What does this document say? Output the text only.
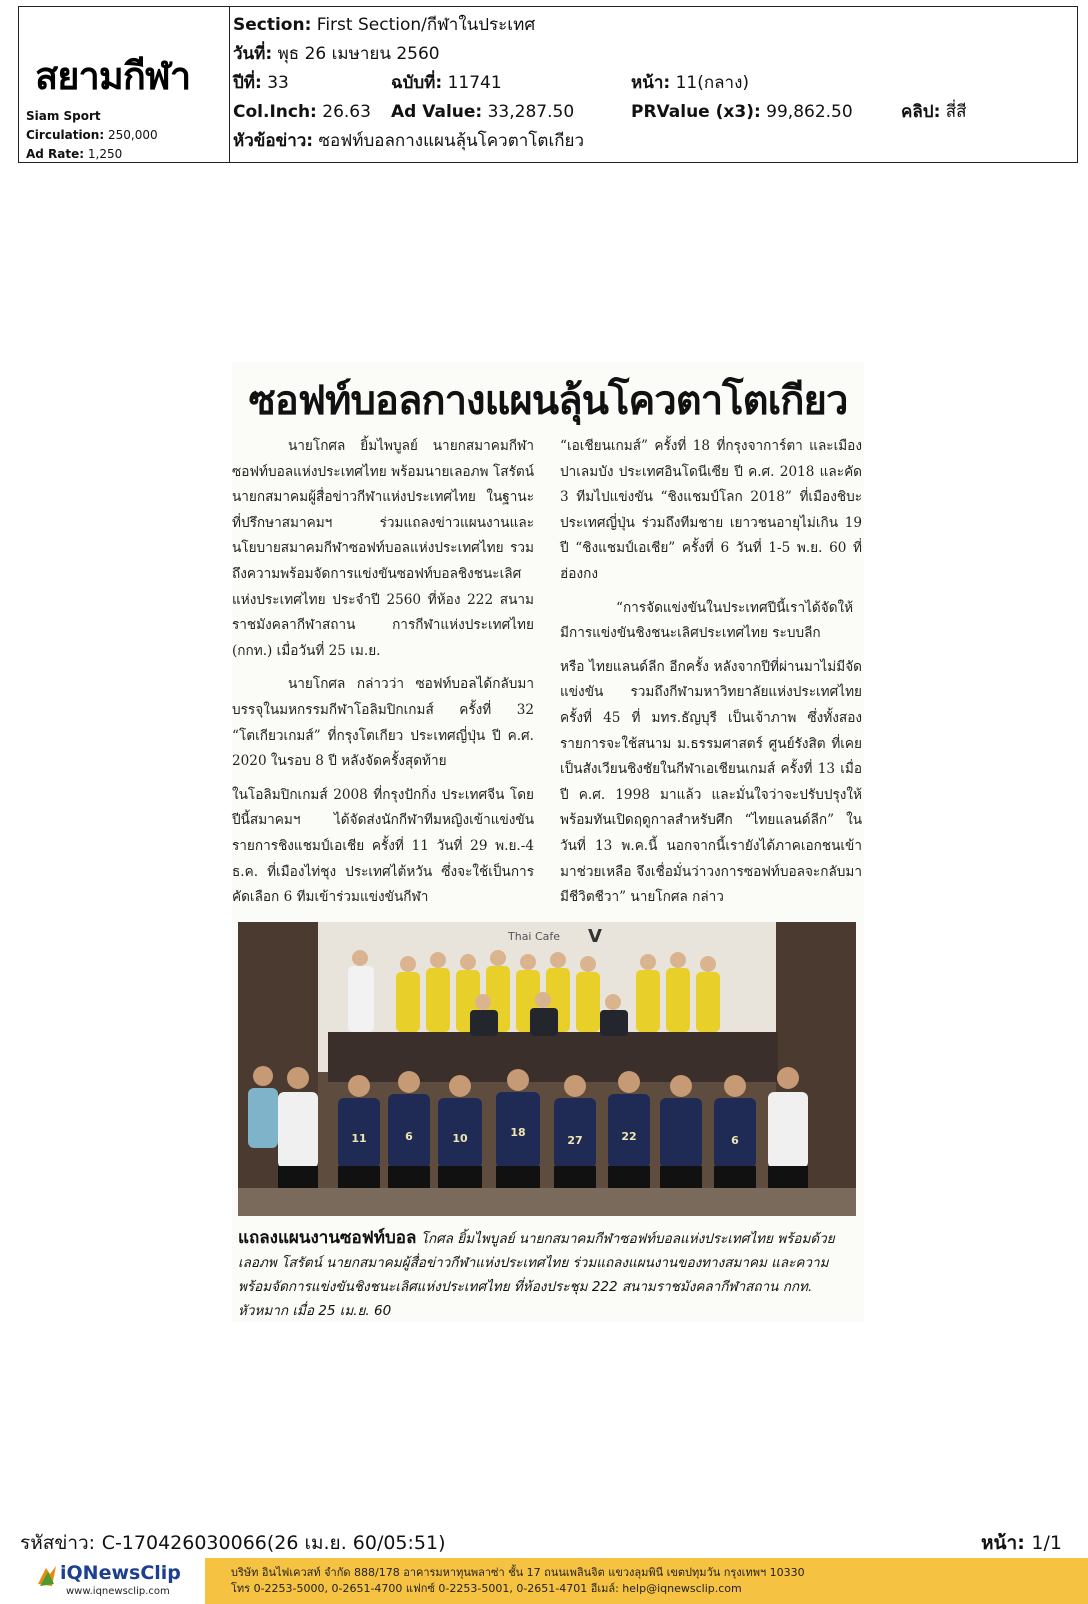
สยามกีฬา
Siam Sport
Circulation: 250,000
Ad Rate: 1,250
Section: First Section/กีฬาในประเทศ
วันที่: พุธ 26 เมษายน 2560
ปีที่: 33	ฉบับที่: 11741	หน้า: 11(กลาง)
Col.Inch: 26.63 Ad Value: 33,287.50	PRValue (x3): 99,862.50	คลิป: สี่สี
หัวข้อข่าว: ซอฟท์บอลกางแผนลุ้นโควตาโตเกียว
ซอฟท์บอลกางแผนลุ้นโควตาโตเกียว

นายโกศล ยิ้มไพบูลย์ นายกสมาคมกีฬาซอฟท์บอลแห่งประเทศไทย พร้อมนายเลอภพ โสรัตน์ นายกสมาคมผู้สื่อข่าวกีฬาแห่งประเทศไทย ในฐานะที่ปรึกษาสมาคมฯ ร่วมแถลงข่าวแผนงานและนโยบายสมาคมกีฬาซอฟท์บอลแห่งประเทศไทย รวมถึงความพร้อมจัดการแข่งขันซอฟท์บอลชิงชนะเลิศแห่งประเทศไทย ประจำปี 2560 ที่ห้อง 222 สนามราชมังคลากีฬาสถาน การกีฬาแห่งประเทศไทย (กกท.) เมื่อวันที่ 25 เม.ย.

นายโกศล กล่าวว่า ซอฟท์บอลได้กลับมาบรรจุในมหกรรมกีฬาโอลิมปิกเกมส์ ครั้งที่ 32 “โตเกียวเกมส์” ที่กรุงโตเกียว ประเทศญี่ปุ่น ปี ค.ศ. 2020 ในรอบ 8 ปี หลังจัดครั้งสุดท้าย

ในโอลิมปิกเกมส์ 2008 ที่กรุงปักกิ่ง ประเทศจีน โดยปีนี้สมาคมฯ ได้จัดส่งนักกีฬาทีมหญิงเข้าแข่งขันรายการชิงแชมป์เอเชีย ครั้งที่ 11 วันที่ 29 พ.ย.-4 ธ.ค. ที่เมืองไท่ชุง ประเทศไต้หวัน ซึ่งจะใช้เป็นการคัดเลือก 6 ทีมเข้าร่วมแข่งขันกีฬา

“เอเชียนเกมส์” ครั้งที่ 18 ที่กรุงจาการ์ตา และเมืองปาเลมบัง ประเทศอินโดนีเซีย ปี ค.ศ. 2018 และคัด 3 ทีมไปแข่งขัน “ชิงแชมป์โลก 2018” ที่เมืองชิบะ ประเทศญี่ปุ่น ร่วมถึงทีมชาย เยาวชนอายุไม่เกิน 19 ปี “ชิงแชมป์เอเชีย” ครั้งที่ 6 วันที่ 1-5 พ.ย. 60 ที่ฮ่องกง

“การจัดแข่งขันในประเทศปีนี้เราได้จัดให้มีการแข่งขันชิงชนะเลิศประเทศไทย ระบบลีก

หรือ ไทยแลนด์ลีก อีกครั้ง หลังจากปีที่ผ่านมาไม่มีจัดแข่งขัน รวมถึงกีฬามหาวิทยาลัยแห่งประเทศไทย ครั้งที่ 45 ที่ มทร.ธัญบุรี เป็นเจ้าภาพ ซึ่งทั้งสองรายการจะใช้สนาม ม.ธรรมศาสตร์ ศูนย์รังสิต ที่เคยเป็นสังเวียนชิงชัยในกีฬาเอเชียนเกมส์ ครั้งที่ 13 เมื่อปี ค.ศ. 1998 มาแล้ว และมั่นใจว่าจะปรับปรุงให้พร้อมทันเปิดฤดูกาลสำหรับศึก “ไทยแลนด์ลีก” ในวันที่ 13 พ.ค.นี้ นอกจากนี้เรายังได้ภาคเอกชนเข้ามาช่วยเหลือ จึงเชื่อมั่นว่าวงการซอฟท์บอลจะกลับมามีชีวิตชีวา” นายโกศล กล่าว

Thai Cafe V
11	6	10	18
27	22	6
แถลงแผนงานซอฟท์บอล โกศล ยิ้มไพบูลย์ นายกสมาคมกีฬาซอฟท์บอลแห่งประเทศไทย พร้อมด้วย เลอภพ โสรัตน์ นายกสมาคมผู้สื่อข่าวกีฬาแห่งประเทศไทย ร่วมแถลงแผนงานของทางสมาคม และความพร้อมจัดการแข่งขันชิงชนะเลิศแห่งประเทศไทย ที่ห้องประชุม 222 สนามราชมังคลากีฬาสถาน กกท. หัวหมาก เมื่อ 25 เม.ย. 60
รหัสข่าว: C-170426030066(26 เม.ย. 60/05:51)	หน้า: 1/1
iQNewsClip
www.iqnewsclip.com
บริษัท อินไฟเควสท์ จำกัด 888/178 อาคารมหาทุนพลาซ่า ชั้น 17 ถนนเพลินจิต แขวงลุมพินี เขตปทุมวัน กรุงเทพฯ 10330
โทร 0-2253-5000, 0-2651-4700 แฟกซ์ 0-2253-5001, 0-2651-4701 อีเมล์: help@iqnewsclip.com
